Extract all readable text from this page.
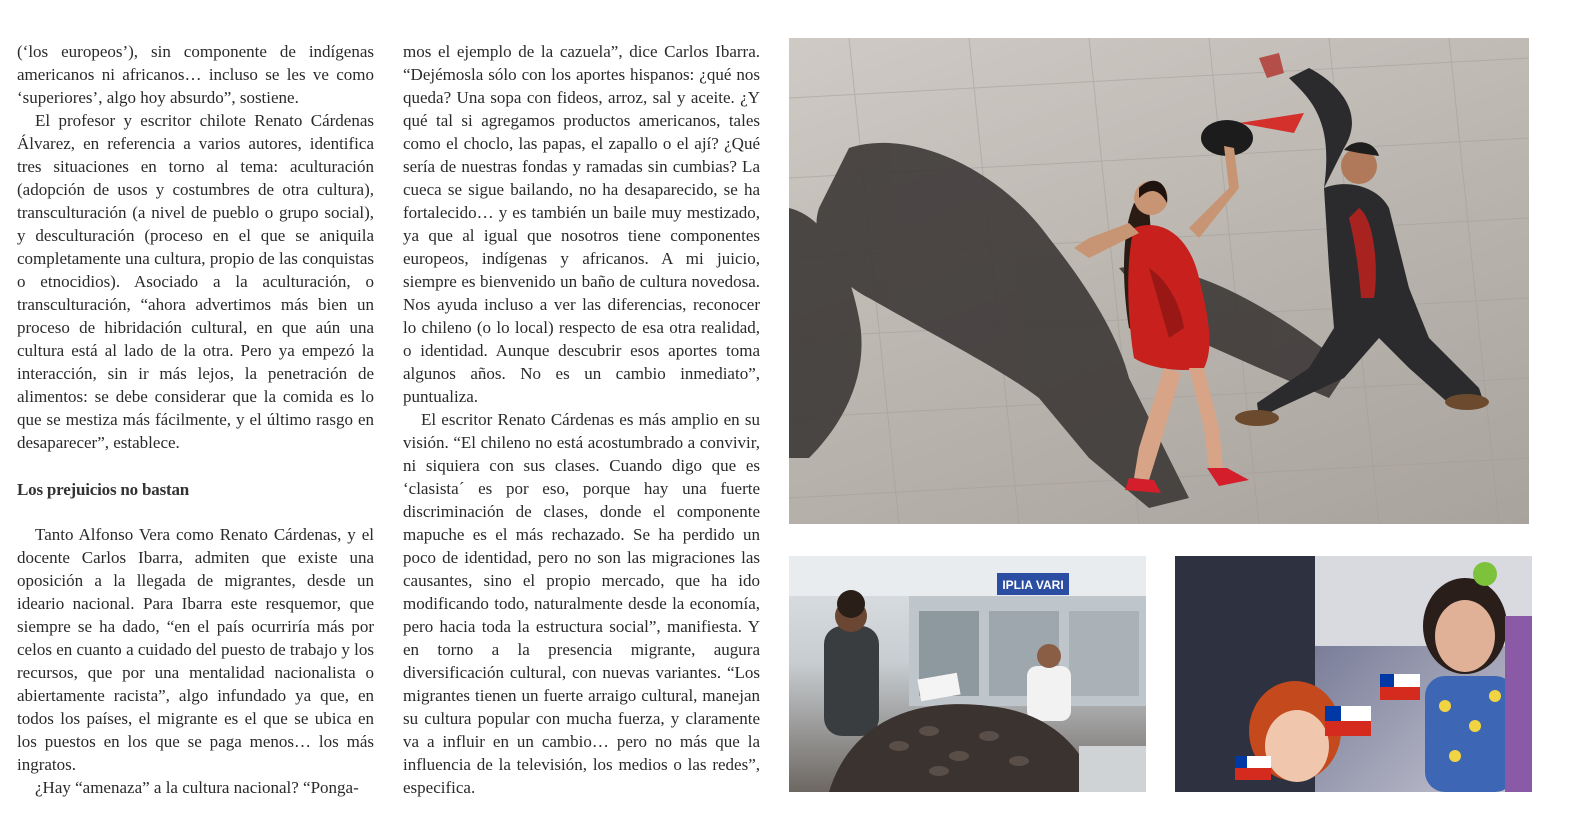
(‘los europeos’), sin componente de indígenas americanos ni africanos… incluso se les ve como ‘superiores’, algo hoy absurdo”, sostiene.

El profesor y escritor chilote Renato Cárdenas Álvarez, en referencia a varios autores, identifica tres situaciones en torno al tema: aculturación (adopción de usos y costumbres de otra cultura), transculturación (a nivel de pueblo o grupo social), y desculturación (proceso en el que se aniquila completamente una cultura, propio de las conquistas o etnocidios). Asociado a la aculturación, o transculturación, “ahora advertimos más bien un proceso de hibridación cultural, en que aún una cultura está al lado de la otra. Pero ya empezó la interacción, sin ir más lejos, la penetración de alimentos: se debe considerar que la comida es lo que se mestiza más fácilmente, y el último rasgo en desaparecer”, establece.

Los prejuicios no bastan

Tanto Alfonso Vera como Renato Cárdenas, y el docente Carlos Ibarra, admiten que existe una oposición a la llegada de migrantes, desde un ideario nacional. Para Ibarra este resquemor, que siempre se ha dado, “en el país ocurriría más por celos en cuanto a cuidado del puesto de trabajo y los recursos, que por una mentalidad nacionalista o abiertamente racista”, algo infundado ya que, en todos los países, el migrante es el que se ubica en los puestos en los que se paga menos… los más ingratos.

¿Hay “amenaza” a la cultura nacional? “Ponga-

mos el ejemplo de la cazuela”, dice Carlos Ibarra. “Dejémosla sólo con los aportes hispanos: ¿qué nos queda? Una sopa con fideos, arroz, sal y aceite. ¿Y qué tal si agregamos productos americanos, tales como el choclo, las papas, el zapallo o el ají? ¿Qué sería de nuestras fondas y ramadas sin cumbias? La cueca se sigue bailando, no ha desaparecido, se ha fortalecido… y es también un baile muy mestizado, ya que al igual que nosotros tiene componentes europeos, indígenas y africanos. A mi juicio, siempre es bienvenido un baño de cultura novedosa. Nos ayuda incluso a ver las diferencias, reconocer lo chileno (o lo local) respecto de esa otra realidad, o identidad. Aunque descubrir esos aportes toma algunos años. No es un cambio inmediato”, puntualiza.

El escritor Renato Cárdenas es más amplio en su visión. “El chileno no está acostumbrado a convivir, ni siquiera con sus clases. Cuando digo que es ‘clasista´ es por eso, porque hay una fuerte discriminación de clases, donde el componente mapuche es el más rechazado. Se ha perdido un poco de identidad, pero no son las migraciones las causantes, sino el propio mercado, que ha ido modificando todo, naturalmente desde la economía, pero hacia toda la estructura social”, manifiesta. Y en torno a la presencia migrante, augura diversificación cultural, con nuevas variantes. “Los migrantes tienen un fuerte arraigo cultural, manejan su cultura popular con mucha fuerza, y claramente va a influir en un cambio… pero no más que la influencia de la televisión, los medios o las redes”, especifica.

IPLIA VARI
